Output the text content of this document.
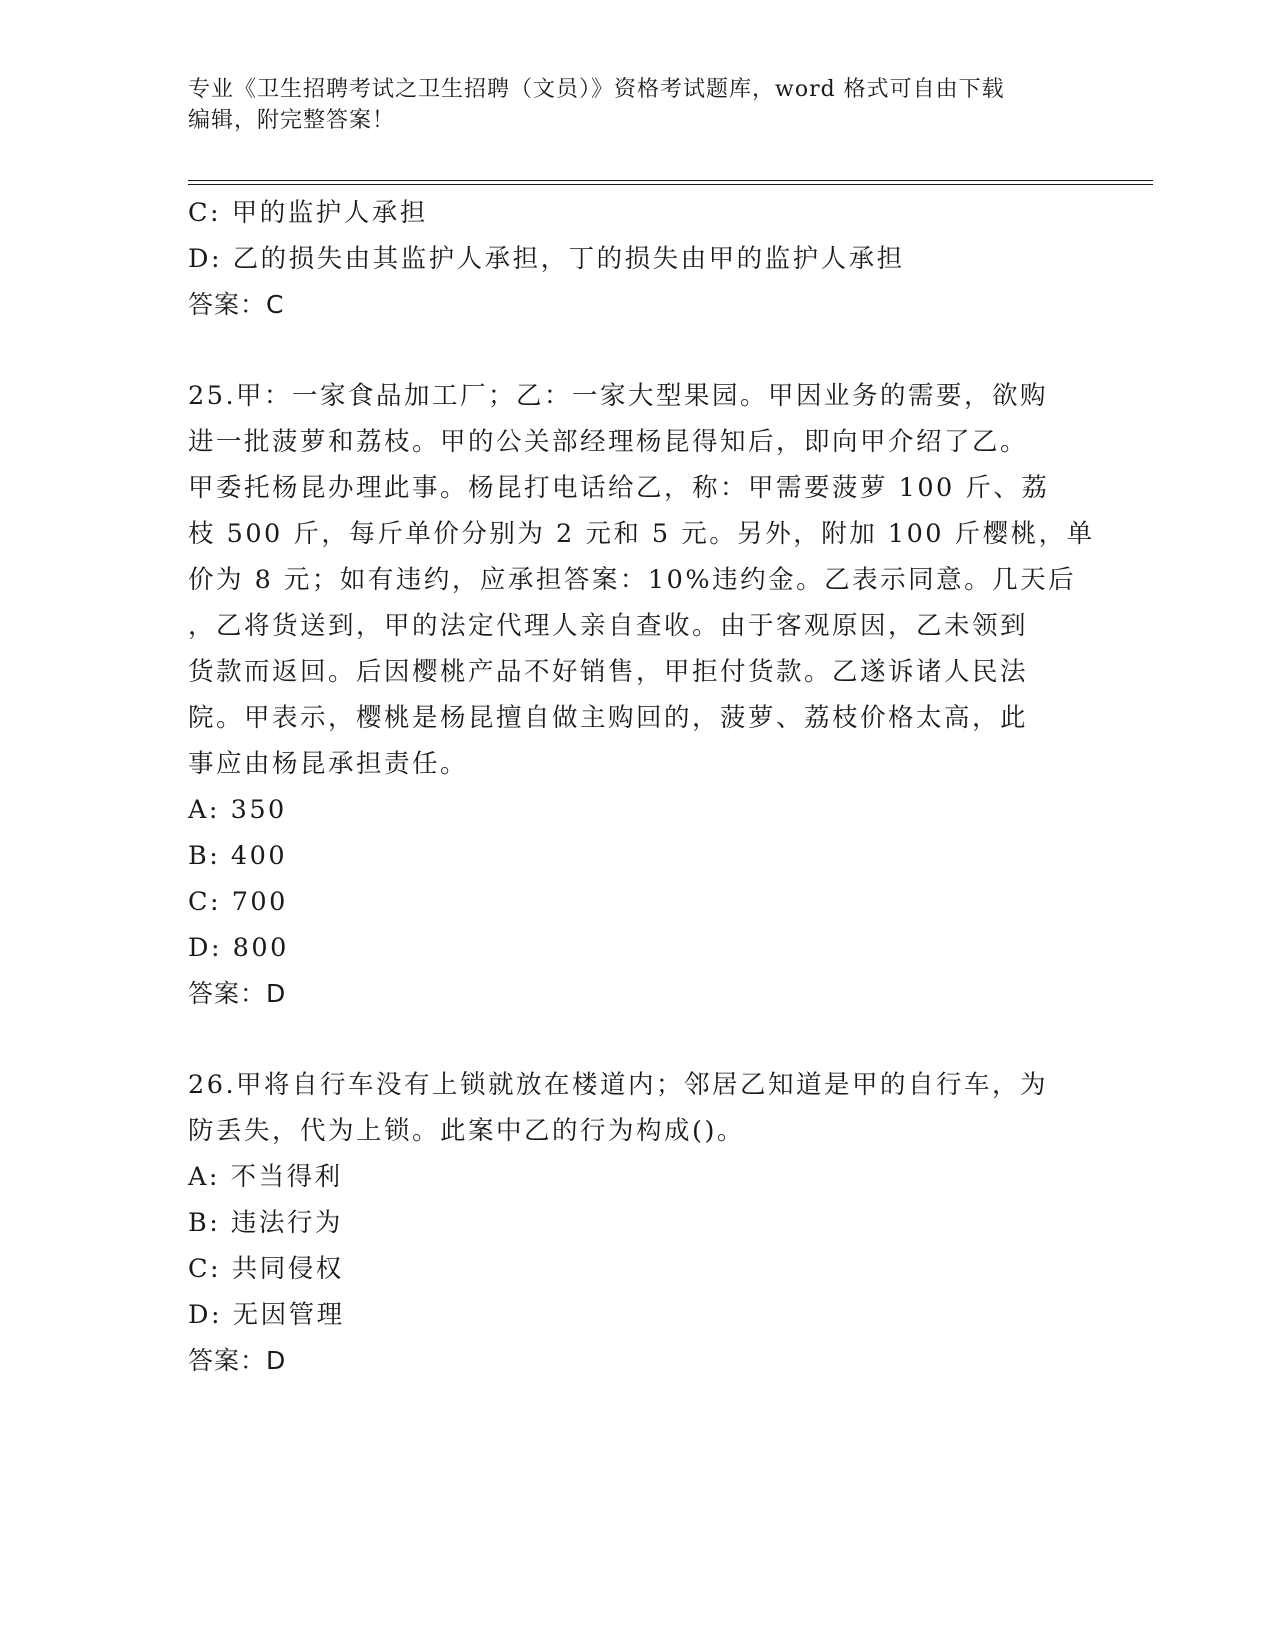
专业《卫生招聘考试之卫生招聘（文员）》资格考试题库，word 格式可自由下载
编辑，附完整答案！
C: 甲的监护人承担
D: 乙的损失由其监护人承担，丁的损失由甲的监护人承担
答案：C
25.甲：一家食品加工厂；乙：一家大型果园。甲因业务的需要，欲购
进一批菠萝和荔枝。甲的公关部经理杨昆得知后，即向甲介绍了乙。
甲委托杨昆办理此事。杨昆打电话给乙，称：甲需要菠萝 100 斤、荔
枝 500 斤，每斤单价分别为 2 元和 5 元。另外，附加 100 斤樱桃，单
价为 8 元；如有违约，应承担答案：10%违约金。乙表示同意。几天后
，乙将货送到，甲的法定代理人亲自查收。由于客观原因，乙未领到
货款而返回。后因樱桃产品不好销售，甲拒付货款。乙遂诉诸人民法
院。甲表示，樱桃是杨昆擅自做主购回的，菠萝、荔枝价格太高，此
事应由杨昆承担责任。
A: 350
B: 400
C: 700
D: 800
答案：D
26.甲将自行车没有上锁就放在楼道内；邻居乙知道是甲的自行车，为
防丢失，代为上锁。此案中乙的行为构成()。
A: 不当得利
B: 违法行为
C: 共同侵权
D: 无因管理
答案：D
